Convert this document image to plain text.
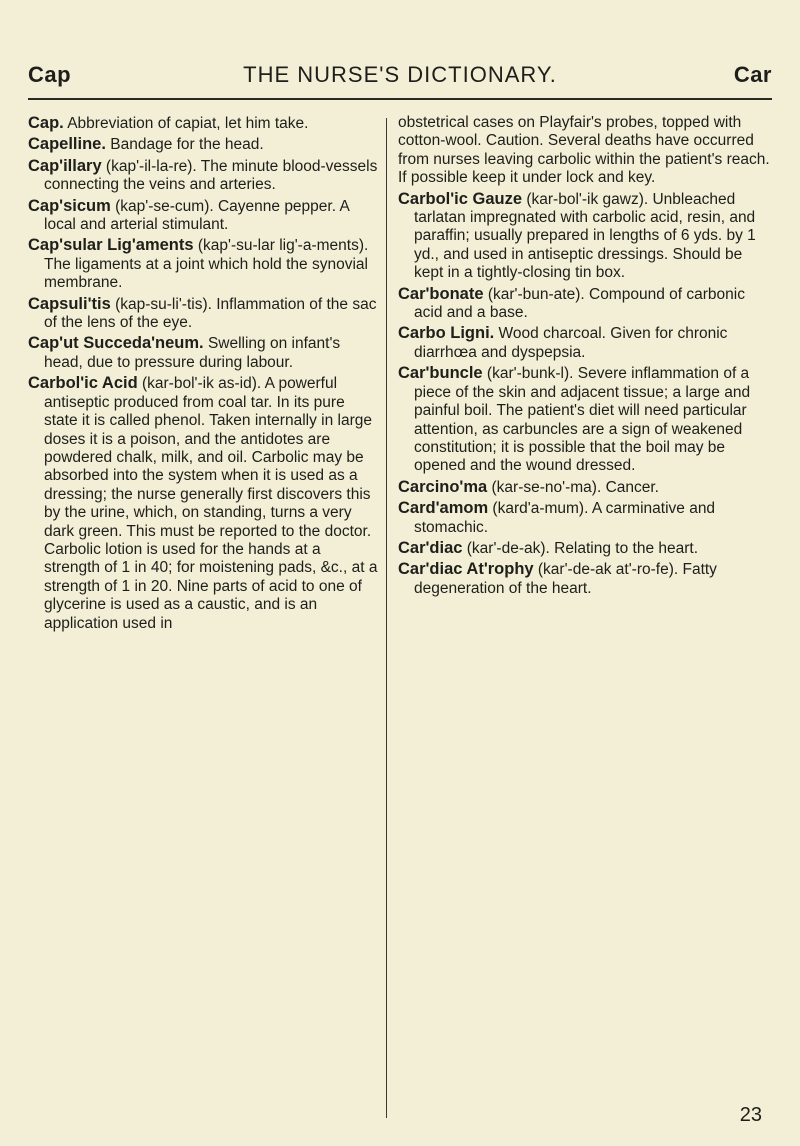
Cap	THE NURSE'S DICTIONARY.	Car
Cap. Abbreviation of capiat, let him take.
Capelline. Bandage for the head.
Cap'illary (kap'-il-la-re). The minute blood-vessels connecting the veins and arteries.
Cap'sicum (kap'-se-cum). Cayenne pepper. A local and arterial stimulant.
Cap'sular Lig'aments (kap'-su-lar lig'-a-ments). The ligaments at a joint which hold the synovial membrane.
Capsuli'tis (kap-su-li'-tis). Inflammation of the sac of the lens of the eye.
Cap'ut Succeda'neum. Swelling on infant's head, due to pressure during labour.
Carbol'ic Acid (kar-bol'-ik as-id). A powerful antiseptic produced from coal tar. In its pure state it is called phenol. Taken internally in large doses it is a poison, and the antidotes are powdered chalk, milk, and oil. Carbolic may be absorbed into the system when it is used as a dressing; the nurse generally first discovers this by the urine, which, on standing, turns a very dark green. This must be reported to the doctor. Carbolic lotion is used for the hands at a strength of 1 in 40; for moistening pads, &c., at a strength of 1 in 20. Nine parts of acid to one of glycerine is used as a caustic, and is an application used in
obstetrical cases on Playfair's probes, topped with cotton-wool. Caution. Several deaths have occurred from nurses leaving carbolic within the patient's reach. If possible keep it under lock and key.
Carbol'ic Gauze (kar-bol'-ik gawz). Unbleached tarlatan impregnated with carbolic acid, resin, and paraffin; usually prepared in lengths of 6 yds. by 1 yd., and used in antiseptic dressings. Should be kept in a tightly-closing tin box.
Car'bonate (kar'-bun-ate). Compound of carbonic acid and a base.
Carbo Ligni. Wood charcoal. Given for chronic diarrhœa and dyspepsia.
Car'buncle (kar'-bunk-l). Severe inflammation of a piece of the skin and adjacent tissue; a large and painful boil. The patient's diet will need particular attention, as carbuncles are a sign of weakened constitution; it is possible that the boil may be opened and the wound dressed.
Carcino'ma (kar-se-no'-ma). Cancer.
Card'amom (kard'a-mum). A carminative and stomachic.
Car'diac (kar'-de-ak). Relating to the heart.
Car'diac At'rophy (kar'-de-ak at'-ro-fe). Fatty degeneration of the heart.
23
